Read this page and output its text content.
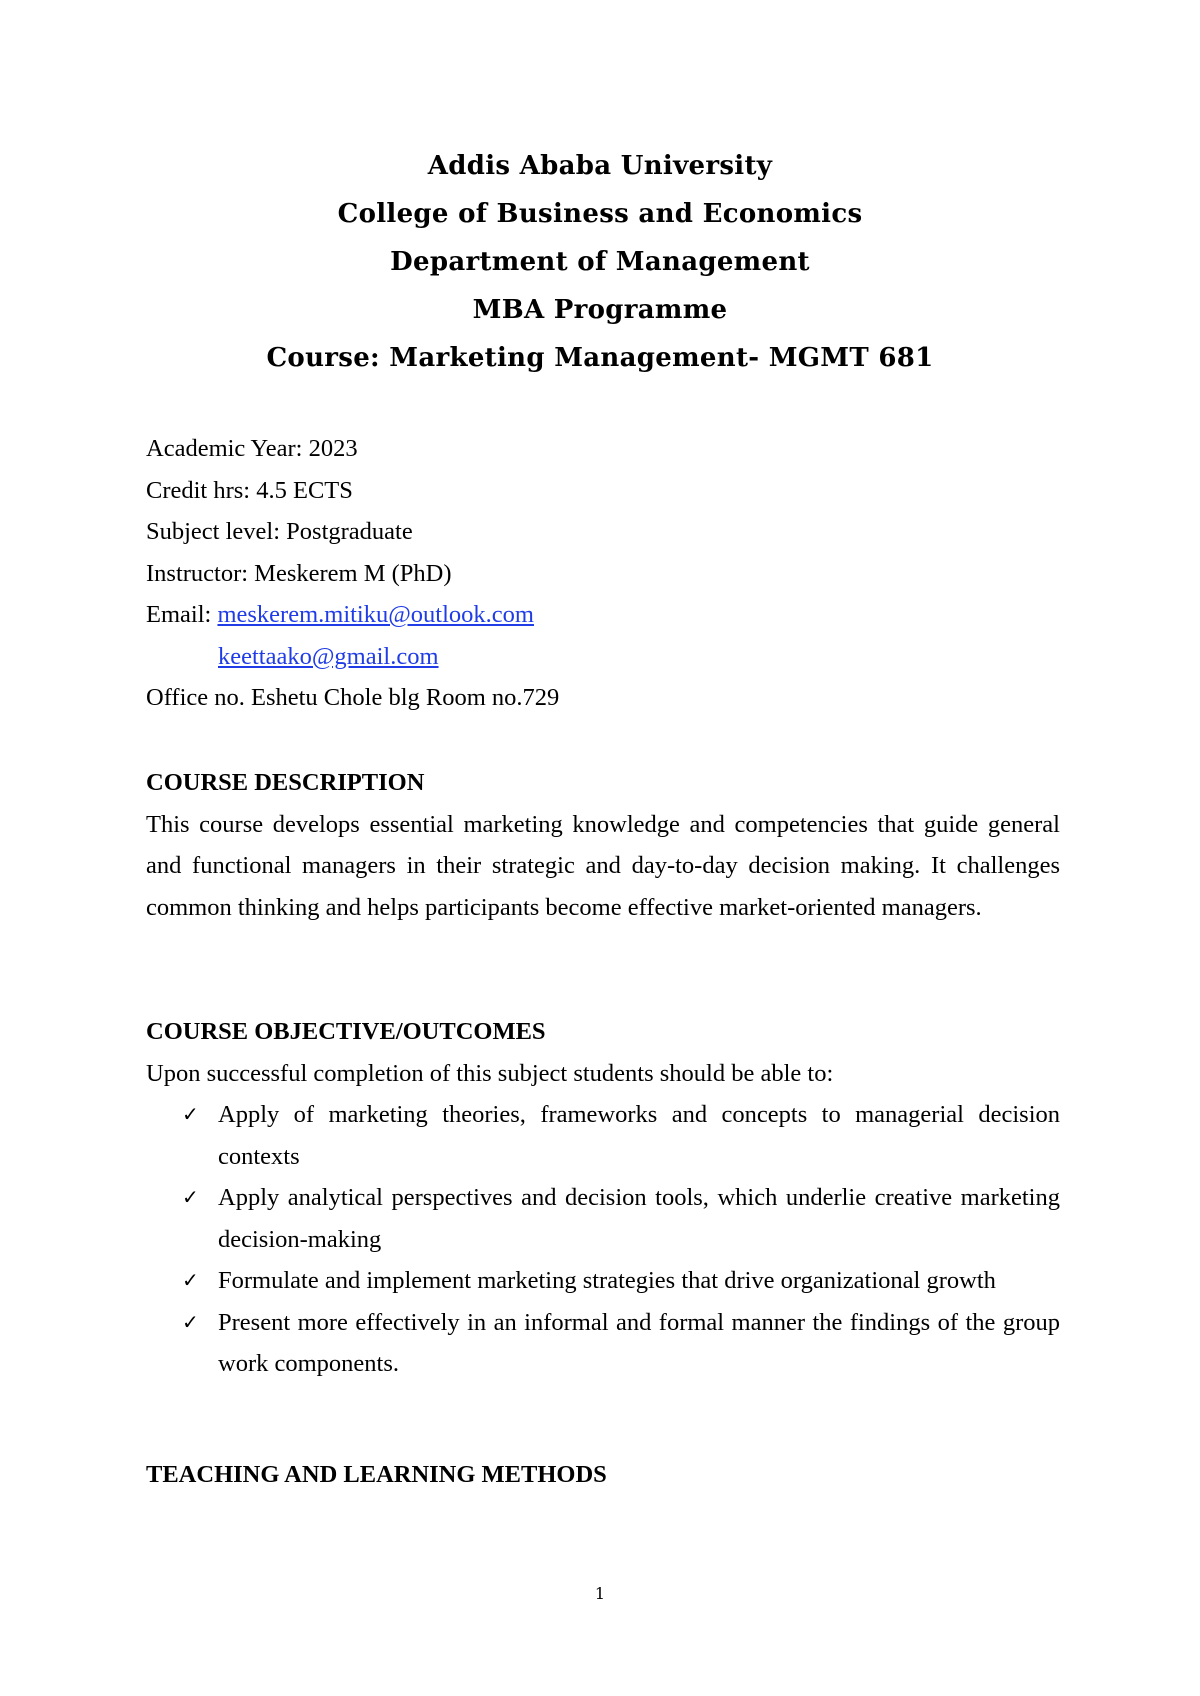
Addis Ababa University
College of Business and Economics
Department of Management
MBA Programme
Course: Marketing Management- MGMT 681
Academic Year: 2023
Credit hrs: 4.5 ECTS
Subject level: Postgraduate
Instructor: Meskerem M (PhD)
Email: meskerem.mitiku@outlook.com
keettaako@gmail.com
Office no. Eshetu Chole blg Room no.729
COURSE DESCRIPTION
This course develops essential marketing knowledge and competencies that guide general and functional managers in their strategic and day-to-day decision making. It challenges common thinking and helps participants become effective market-oriented managers.
COURSE OBJECTIVE/OUTCOMES
Upon successful completion of this subject students should be able to:
✓ Apply of marketing theories, frameworks and concepts to managerial decision contexts
✓ Apply analytical perspectives and decision tools, which underlie creative marketing decision-making
✓ Formulate and implement marketing strategies that drive organizational growth
✓ Present more effectively in an informal and formal manner the findings of the group work components.
TEACHING AND LEARNING METHODS
1
